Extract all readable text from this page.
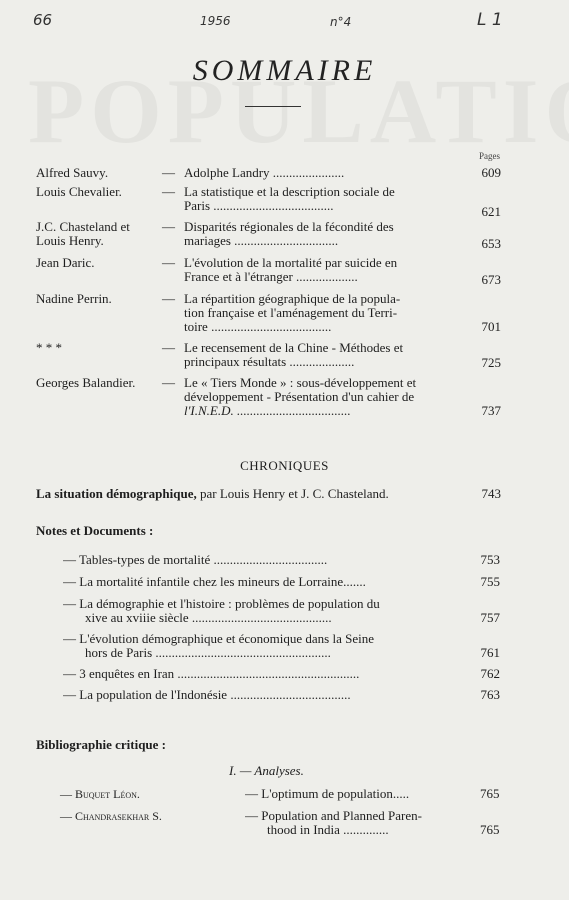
66	1956	n°4	L 1
SOMMAIRE
Pages
Alfred Sauvy.	— Adolphe Landry ......................	609
Louis Chevalier.	— La statistique et la description sociale de
Paris .....................................	621
J.C. Chasteland et
Louis Henry.
— Disparités régionales de la fécondité des
mariages ................................	653
Jean Daric.	— L'évolution de la mortalité par suicide en
France et à l'étranger ...................	673
Nadine Perrin.	— La répartition géographique de la popula-
tion française et l'aménagement du Terri-
toire .....................................	701
* * *	— Le recensement de la Chine - Méthodes et
principaux résultats ....................	725
Georges Balandier.	— Le « Tiers Monde » : sous-développement et
développement - Présentation d'un cahier de
l'I.N.E.D. ...................................	737
CHRONIQUES
La situation démographique, par Louis Henry et J. C. Chasteland.	743
Notes et Documents :
— Tables-types de mortalité ...................................	753
— La mortalité infantile chez les mineurs de Lorraine.......	755
— La démographie et l'histoire : problèmes de population du
xive au xviiie siècle ...........................................	757
— L'évolution démographique et économique dans la Seine
hors de Paris ......................................................	761
— 3 enquêtes en Iran ........................................................	762
— La population de l'Indonésie .....................................	763
Bibliographie critique :
I. — Analyses.
— Buquet Léon.	— L'optimum de population.....	765
— Chandrasekhar S.	— Population and Planned Paren-
thood in India ..............	765
